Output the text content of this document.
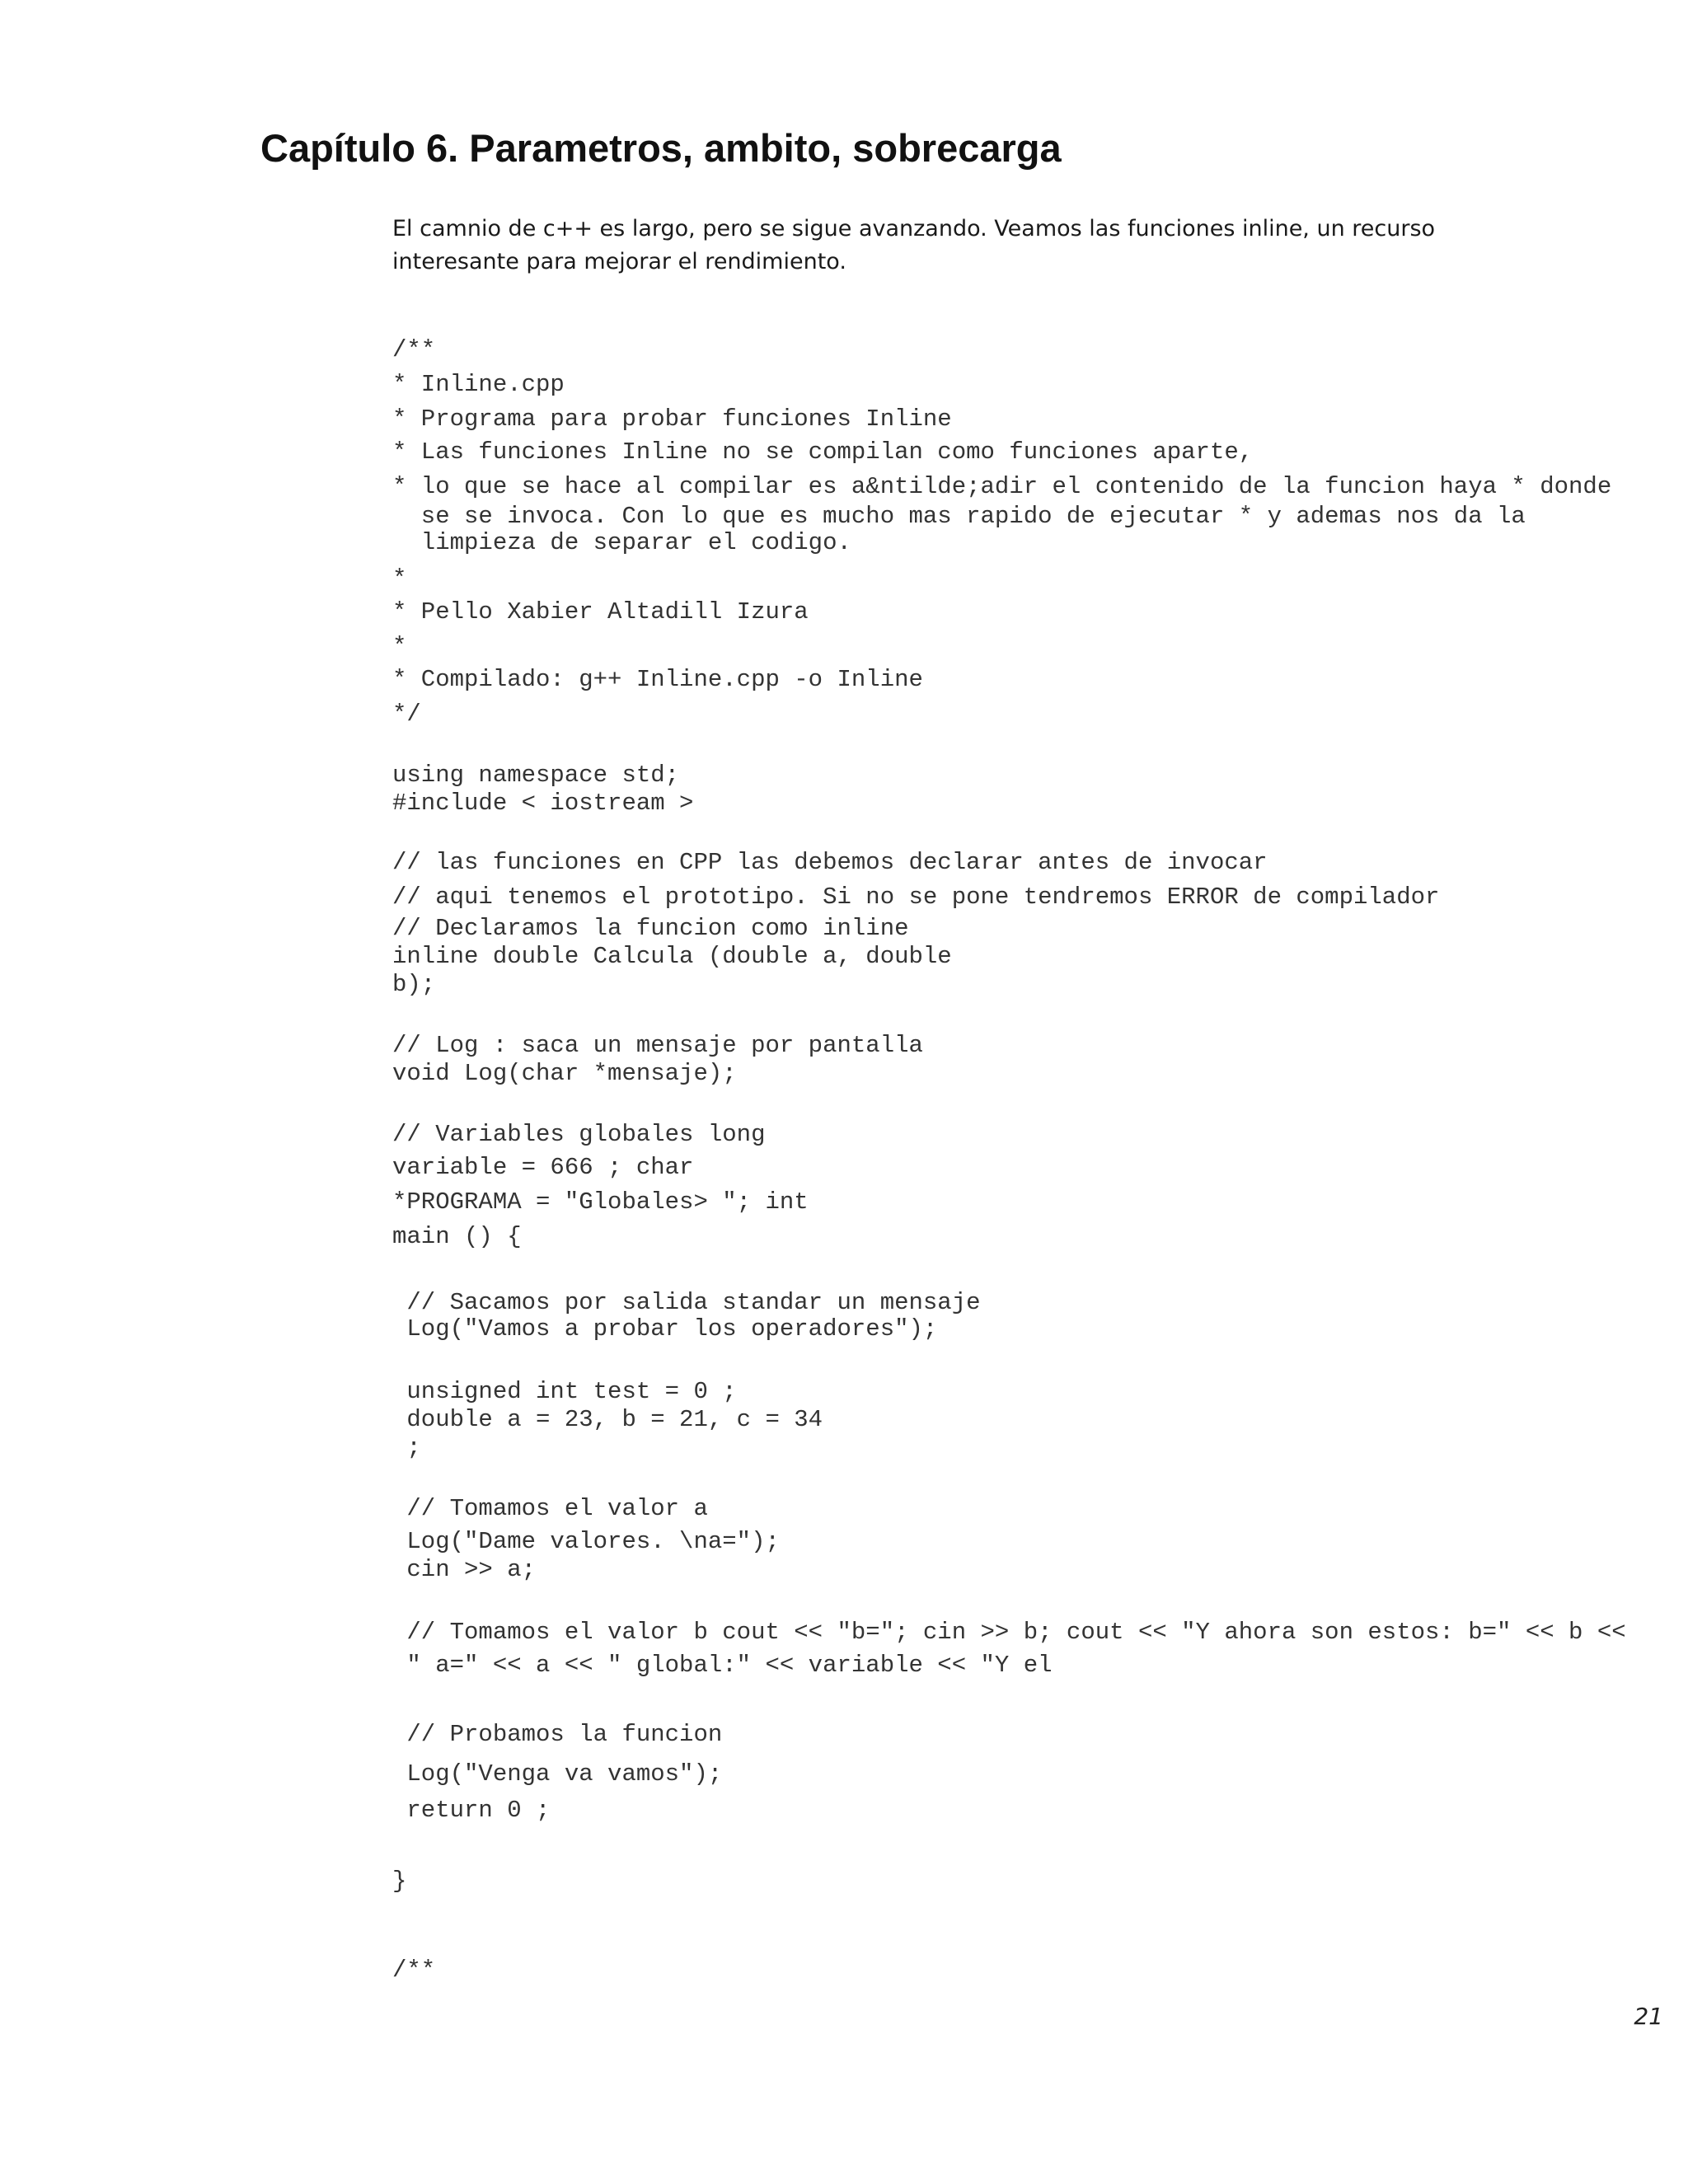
Capítulo 6. Parametros, ambito, sobrecarga

El camnio de c++ es largo, pero se sigue avanzando. Veamos las funciones inline, un recurso

interesante para mejorar el rendimiento.

/**
* Inline.cpp
* Programa para probar funciones Inline
* Las funciones Inline no se compilan como funciones aparte,
* lo que se hace al compilar es a&ntilde;adir el contenido de la funcion haya * donde
se se invoca. Con lo que es mucho mas rapido de ejecutar * y ademas nos da la
limpieza de separar el codigo.
*
* Pello Xabier Altadill Izura
*
* Compilado: g++ Inline.cpp -o Inline
*/
using namespace std;
#include < iostream >
// las funciones en CPP las debemos declarar antes de invocar
// aqui tenemos el prototipo. Si no se pone tendremos ERROR de compilador
// Declaramos la funcion como inline
inline double Calcula (double a, double
b);
// Log : saca un mensaje por pantalla
void Log(char *mensaje);
// Variables globales long
variable = 666 ; char
*PROGRAMA = "Globales> "; int
main () {
// Sacamos por salida standar un mensaje
Log("Vamos a probar los operadores");
unsigned int test = 0 ;
double a = 23, b = 21, c = 34
;
// Tomamos el valor a
Log("Dame valores. \na=");
cin >> a;
// Tomamos el valor b cout << "b="; cin >> b; cout << "Y ahora son estos: b=" << b <<
" a=" << a << " global:" << variable << "Y el
// Probamos la funcion
Log("Venga va vamos");
return 0 ;
}
/**
21
